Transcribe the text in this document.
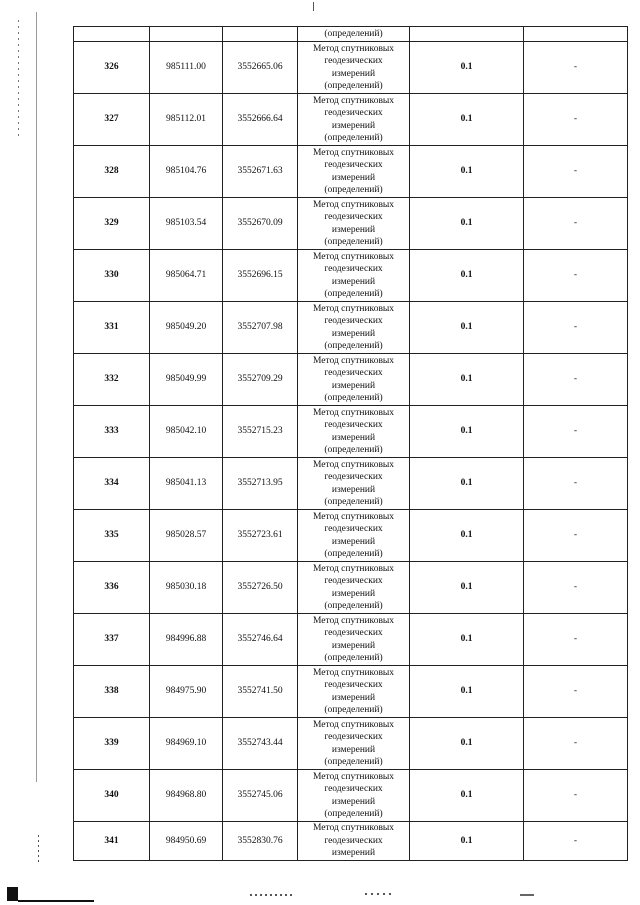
			(определений)		
326	985111.00	3552665.06	Метод спутниковых
геодезических
измерений
(определений)	0.1	-
327	985112.01	3552666.64	Метод спутниковых
геодезических
измерений
(определений)	0.1	-
328	985104.76	3552671.63	Метод спутниковых
геодезических
измерений
(определений)	0.1	-
329	985103.54	3552670.09	Метод спутниковых
геодезических
измерений
(определений)	0.1	-
330	985064.71	3552696.15	Метод спутниковых
геодезических
измерений
(определений)	0.1	-
331	985049.20	3552707.98	Метод спутниковых
геодезических
измерений
(определений)	0.1	-
332	985049.99	3552709.29	Метод спутниковых
геодезических
измерений
(определений)	0.1	-
333	985042.10	3552715.23	Метод спутниковых
геодезических
измерений
(определений)	0.1	-
334	985041.13	3552713.95	Метод спутниковых
геодезических
измерений
(определений)	0.1	-
335	985028.57	3552723.61	Метод спутниковых
геодезических
измерений
(определений)	0.1	-
336	985030.18	3552726.50	Метод спутниковых
геодезических
измерений
(определений)	0.1	-
337	984996.88	3552746.64	Метод спутниковых
геодезических
измерений
(определений)	0.1	-
338	984975.90	3552741.50	Метод спутниковых
геодезических
измерений
(определений)	0.1	-
339	984969.10	3552743.44	Метод спутниковых
геодезических
измерений
(определений)	0.1	-
340	984968.80	3552745.06	Метод спутниковых
геодезических
измерений
(определений)	0.1	-
341	984950.69	3552830.76	Метод спутниковых
геодезических
измерений	0.1	-
